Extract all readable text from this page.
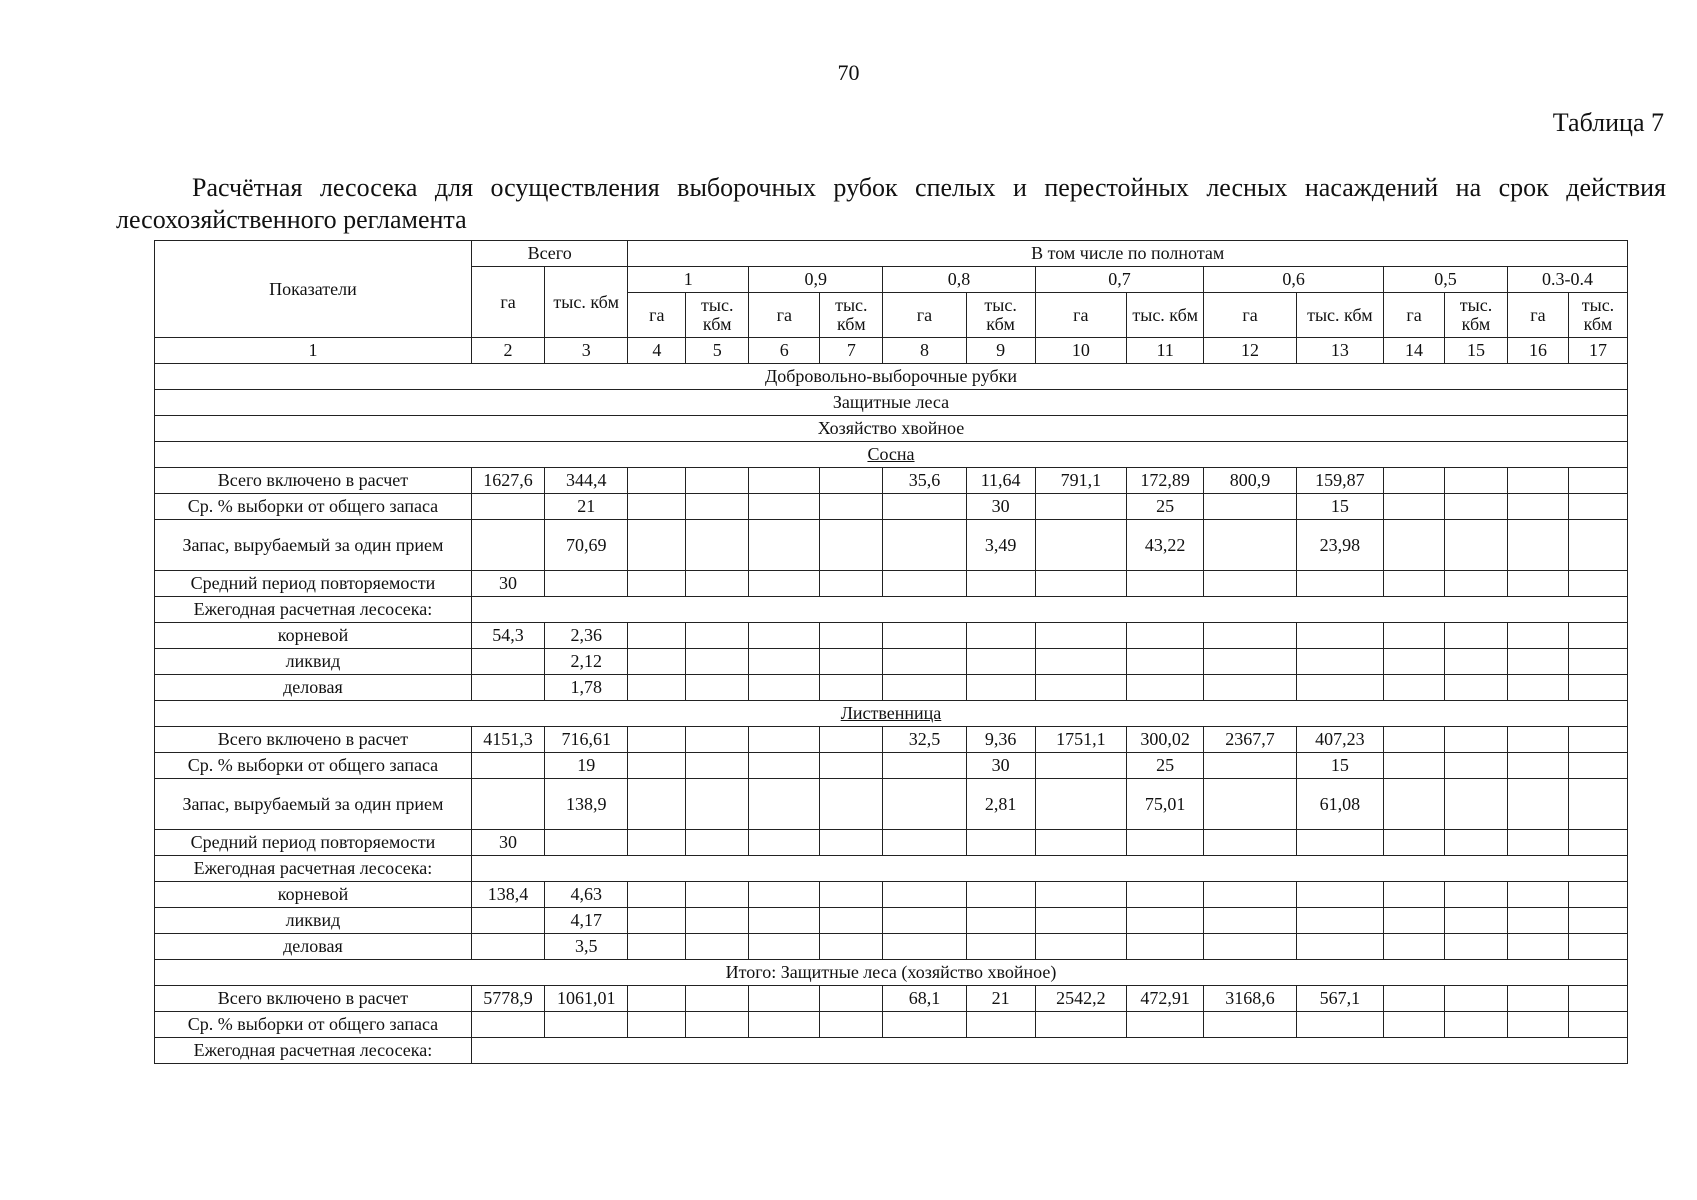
70
Таблица 7
Расчётная лесосека для осуществления выборочных рубок спелых и перестойных лесных насаждений на срок действия лесохозяйственного регламента
Показатели	Всего		В том числе по полнотам													
	га	тыс. кбм	1		0,9		0,8		0,7		0,6		0,5		0.3-0.4	
			га	тыс. кбм	га	тыс. кбм	га	тыс. кбм	га	тыс. кбм	га	тыс. кбм	га	тыс. кбм	га	тыс. кбм
1	2	3	4	5	6	7	8	9	10	11	12	13	14	15	16	17
Добровольно-выборочные рубки																
Защитные леса																
Хозяйство хвойное																
Сосна																
Всего включено в расчет	1627,6	344,4					35,6	11,64	791,1	172,89	800,9	159,87				
Ср. % выборки от общего запаса		21						30		25		15				
Запас, вырубаемый за один прием		70,69						3,49		43,22		23,98				
Средний период повторяемости	30															
Ежегодная расчетная лесосека:																
корневой	54,3	2,36														
ликвид		2,12														
деловая		1,78														
Лиственница																
Всего включено в расчет	4151,3	716,61					32,5	9,36	1751,1	300,02	2367,7	407,23				
Ср. % выборки от общего запаса		19						30		25		15				
Запас, вырубаемый за один прием		138,9						2,81		75,01		61,08				
Средний период повторяемости	30															
Ежегодная расчетная лесосека:																
корневой	138,4	4,63														
ликвид		4,17														
деловая		3,5														
Итого: Защитные леса (хозяйство хвойное)																
Всего включено в расчет	5778,9	1061,01					68,1	21	2542,2	472,91	3168,6	567,1				
Ср. % выборки от общего запаса																
Ежегодная расчетная лесосека:																
